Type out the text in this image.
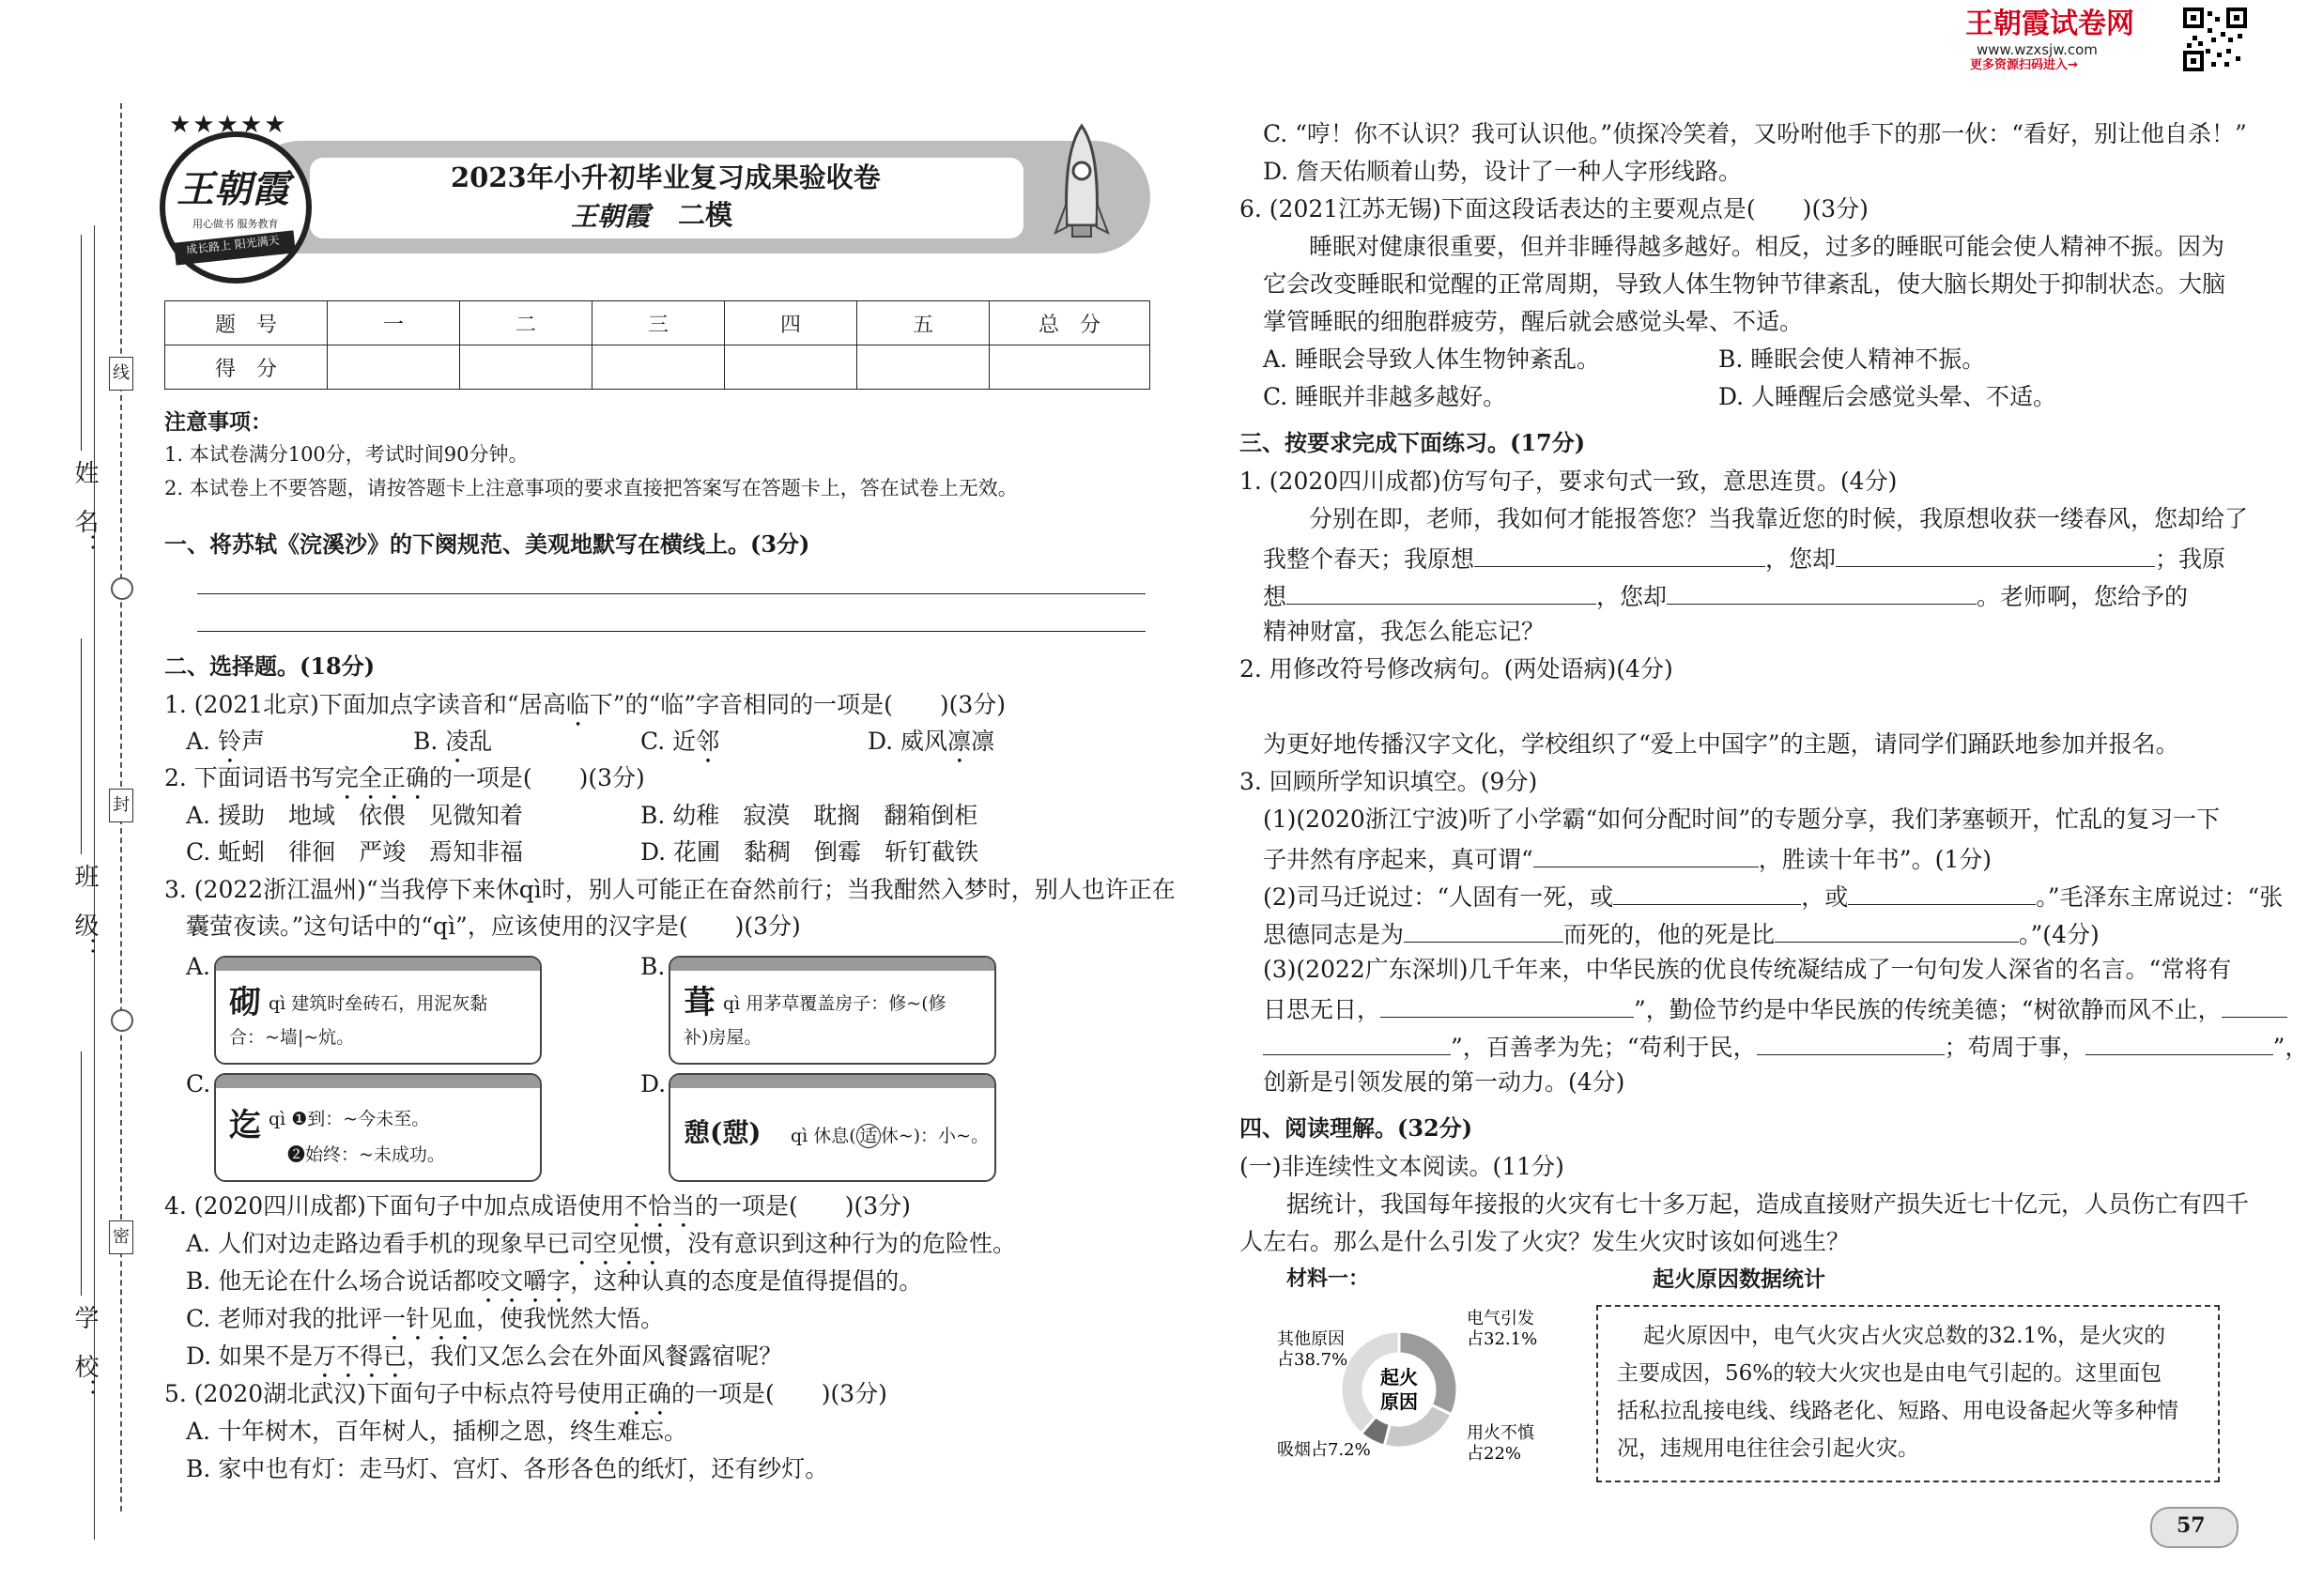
王朝霞试卷网
www.wzxsjw.com
更多资源扫码进入→
线
封
密
姓　名：
班　级：
学　校：
2023年小升初毕业复习成果验收卷
王朝霞 二模
★★★★★
王朝霞
用心做书 服务教育
成长路上 阳光满天
题　号	一	二	三	四	五	总　分
得　分						
注意事项：
1. 本试卷满分100分，考试时间90分钟。
2. 本试卷上不要答题，请按答题卡上注意事项的要求直接把答案写在答题卡上，答在试卷上无效。
一、将苏轼《浣溪沙》的下阕规范、美观地默写在横线上。(3分)
二、选择题。(18分)
1. (2021北京)下面加点字读音和“居高临下”的“临”字音相同的一项是(　　)(3分)
A. 铃声	B. 凌乱	C. 近邻	D. 威风凛凛
2. 下面词语书写完全正确的一项是(　　)(3分)
A. 援助　地域　依偎　见微知着	B. 幼稚　寂漠　耽搁　翻箱倒柜
C. 蚯蚓　徘徊　严竣　焉知非福	D. 花圃　黏稠　倒霉　斩钉截铁
3. (2022浙江温州)“当我停下来休qì时，别人可能正在奋然前行；当我酣然入梦时，别人也许正在
囊萤夜读。”这句话中的“qì”，应该使用的汉字是(　　)(3分)
A.
砌 qì 建筑时垒砖石，用泥灰黏
合：~墙|~炕。
B.
葺 qì 用茅草覆盖房子：修~(修
补)房屋。
C.
迄 qì ❶到：~今未至。
❷始终：~未成功。
D.
憩(憇) qì 休息( 适 休~)：小~。
4. (2020四川成都)下面句子中加点成语使用不恰当的一项是(　　)(3分)
A. 人们对边走路边看手机的现象早已司空见惯，没有意识到这种行为的危险性。
B. 他无论在什么场合说话都咬文嚼字，这种认真的态度是值得提倡的。
C. 老师对我的批评一针见血，使我恍然大悟。
D. 如果不是万不得已，我们又怎么会在外面风餐露宿呢？
5. (2020湖北武汉)下面句子中标点符号使用正确的一项是(　　)(3分)
A. 十年树木，百年树人，插柳之恩，终生难忘。
B. 家中也有灯：走马灯、宫灯、各形各色的纸灯，还有纱灯。
C. “哼！你不认识？我可认识他。”侦探冷笑着，又吩咐他手下的那一伙：“看好，别让他自杀！”
D. 詹天佑顺着山势，设计了一种人字形线路。
6. (2021江苏无锡)下面这段话表达的主要观点是(　　)(3分)
睡眠对健康很重要，但并非睡得越多越好。相反，过多的睡眠可能会使人精神不振。因为
它会改变睡眠和觉醒的正常周期，导致人体生物钟节律紊乱，使大脑长期处于抑制状态。大脑
掌管睡眠的细胞群疲劳，醒后就会感觉头晕、不适。
A. 睡眠会导致人体生物钟紊乱。	B. 睡眠会使人精神不振。
C. 睡眠并非越多越好。	D. 人睡醒后会感觉头晕、不适。
三、按要求完成下面练习。(17分)
1. (2020四川成都)仿写句子，要求句式一致，意思连贯。(4分)
分别在即，老师，我如何才能报答您？当我靠近您的时候，我原想收获一缕春风，您却给了
我整个春天；我原想	，您却	；我原
想	，您却	。老师啊，您给予的
精神财富，我怎么能忘记？
2. 用修改符号修改病句。(两处语病)(4分)
为更好地传播汉字文化，学校组织了“爱上中国字”的主题，请同学们踊跃地参加并报名。
3. 回顾所学知识填空。(9分)
(1)(2020浙江宁波)听了小学霸“如何分配时间”的专题分享，我们茅塞顿开，忙乱的复习一下
子井然有序起来，真可谓“	，胜读十年书”。(1分)
(2)司马迁说过：“人固有一死，或	，或	。”毛泽东主席说过：“张
思德同志是为	而死的，他的死是比	。”(4分)
(3)(2022广东深圳)几千年来，中华民族的优良传统凝结成了一句句发人深省的名言。“常将有
日思无日，	”，勤俭节约是中华民族的传统美德；“树欲静而风不止，
”，百善孝为先；“苟利于民，	；苟周于事，	”，
创新是引领发展的第一动力。(4分)
四、阅读理解。(32分)
(一)非连续性文本阅读。(11分)
据统计，我国每年接报的火灾有七十多万起，造成直接财产损失近七十亿元，人员伤亡有四千
人左右。那么是什么引发了火灾？发生火灾时该如何逃生？
材料一：	起火原因数据统计
起火
原因
电气引发
占32.1%
用火不慎
占22%
吸烟占7.2%
其他原因
占38.7%
起火原因中，电气火灾占火灾总数的32.1%，是火灾的
主要成因，56%的较大火灾也是由电气引起的。这里面包
括私拉乱接电线、线路老化、短路、用电设备起火等多种情
况，违规用电往往会引起火灾。
57
